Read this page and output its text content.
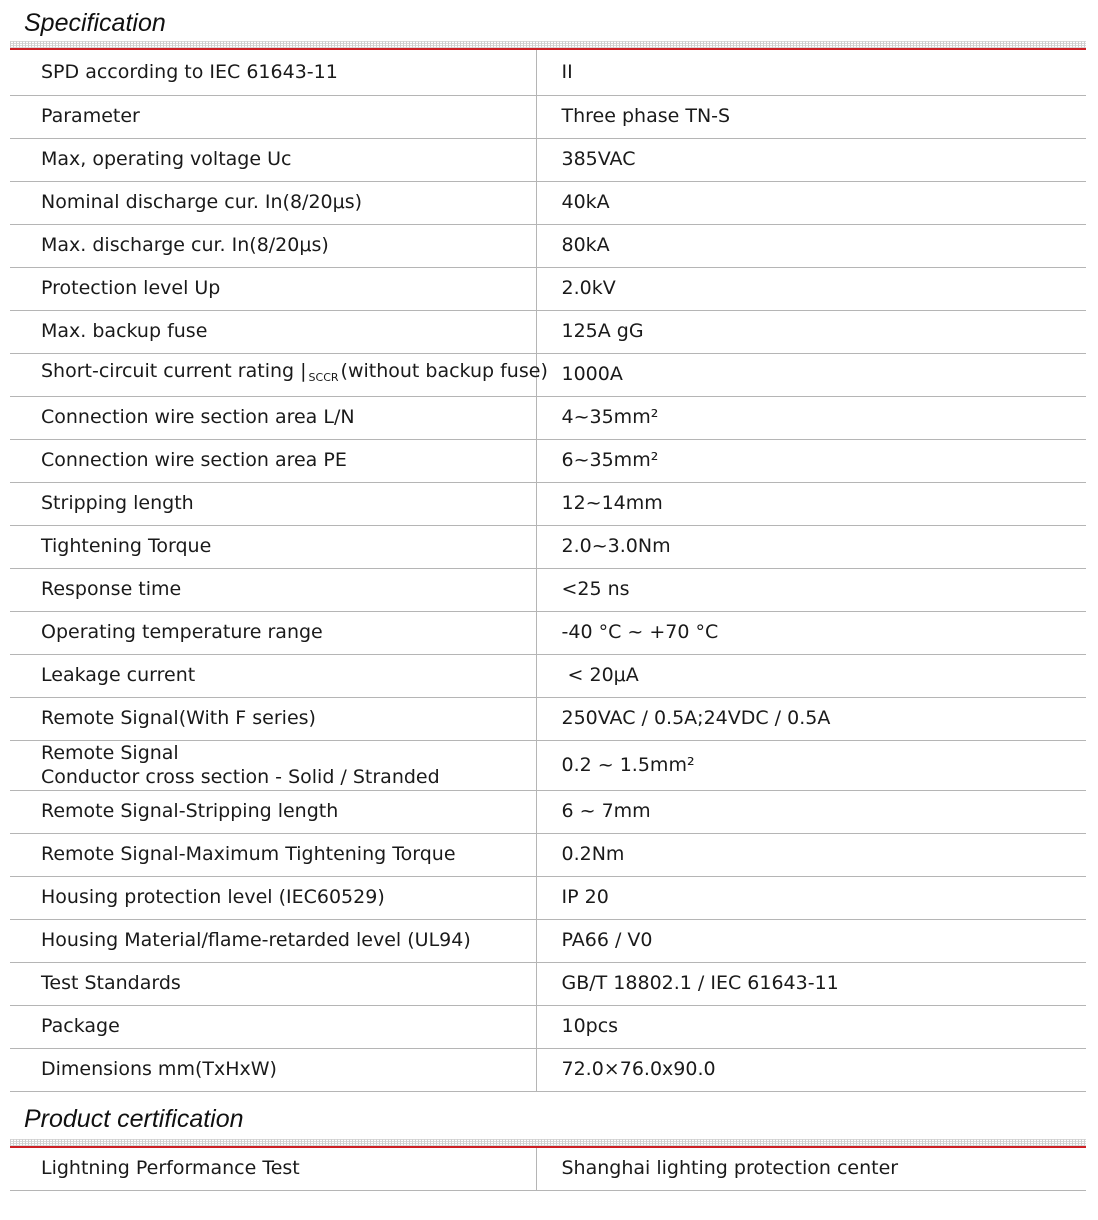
Specification
SPD according to IEC 61643-11	II
Parameter	Three phase TN-S
Max, operating voltage Uc	385VAC
Nominal discharge cur. In(8/20μs)	40kA
Max. discharge cur. In(8/20μs)	80kA
Protection level Up	2.0kV
Max. backup fuse	125A gG
Short-circuit current rating | $_{SCCR}$ (without backup fuse)	1000A
Connection wire section area L/N	4~35mm²
Connection wire section area PE	6~35mm²
Stripping length	12~14mm
Tightening Torque	2.0~3.0Nm
Response time	<25 ns
Operating temperature range	-40 °C ~ +70 °C
Leakage current	< 20μA
Remote Signal(With F series)	250VAC / 0.5A;24VDC / 0.5A

Remote Signal
Conductor cross section - Solid / Stranded	0.2 ~ 1.5mm²
Remote Signal-Stripping length	6 ~ 7mm
Remote Signal-Maximum Tightening Torque	0.2Nm
Housing protection level (IEC60529)	IP 20
Housing Material/flame-retarded level (UL94)	PA66 / V0
Test Standards	GB/T 18802.1 / IEC 61643-11
Package	10pcs
Dimensions mm(TxHxW)	72.0×76.0x90.0
Product certification
Lightning Performance Test	Shanghai lighting protection center
